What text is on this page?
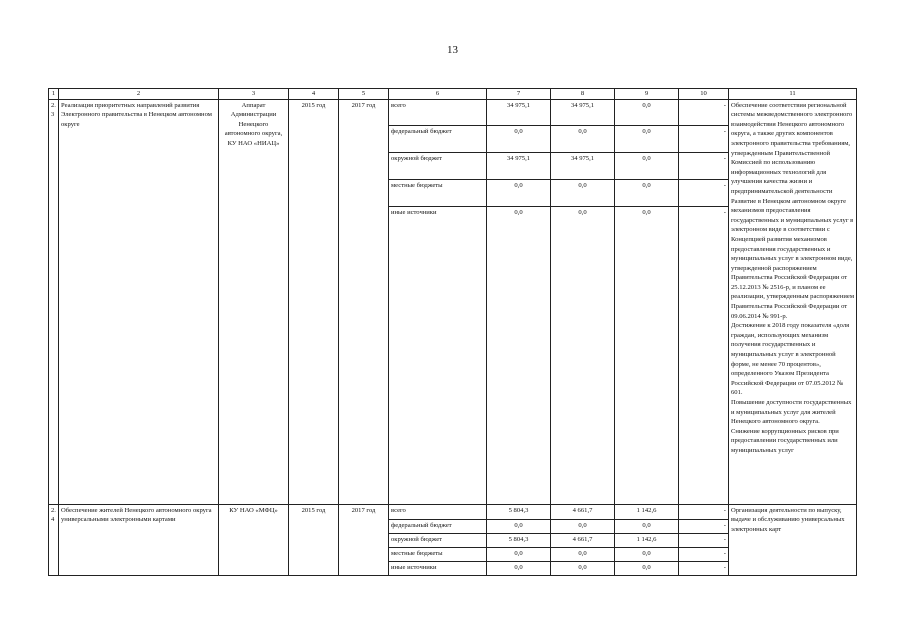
13
1	2	3	4	5	6	7	8	9	10	11
2.3	Реализация приоритетных направлений развития Электронного правительства в Ненецком автономном округе	Аппарат Администрации Ненецкого автономного округа, КУ НАО «НИАЦ»	2015 год	2017 год	всего	34 975,1	34 975,1	0,0	-	Обеспечение соответствия региональной системы межведомственного электронного взаимодействия Ненецкого автономного округа, а также других компонентов электронного правительства требованиям, утвержденным Правительственной Комиссией по использованию информационных технологий для улучшения качества жизни и предпринимательской деятельности
Развитие в Ненецком автономном округе механизмов предоставления государственных и муниципальных услуг в электронном виде в соответствии с Концепцией развития механизмов предоставления государственных и муниципальных услуг в электронном виде, утвержденной распоряжением Правительства Российской Федерации от 25.12.2013 № 2516-р, и планом ее реализации, утвержденным распоряжением Правительства Российской Федерации от 09.06.2014 № 991-р.
Достижение к 2018 году показателя «доля граждан, использующих механизм получения государственных и муниципальных услуг в электронной форме, не менее 70 процентов», определенного Указом Президента Российской Федерации от 07.05.2012 № 601.
Повышение доступности государственных и муниципальных услуг для жителей Ненецкого автономного округа.
Снижение коррупционных рисков при предоставлении государственных или муниципальных услуг

					федеральный бюджет	0,0	0,0	0,0	-	
					окружной бюджет	34 975,1	34 975,1	0,0	-	
					местные бюджеты	0,0	0,0	0,0	-	
					иные источники	0,0	0,0	0,0	-	
2.4	Обеспечение жителей Ненецкого автономного округа универсальными электронными картами	КУ НАО «МФЦ»	2015 год	2017 год	всего	5 804,3	4 661,7	1 142,6	-	Организация деятельности по выпуску, выдаче и обслуживанию универсальных электронных карт

					федеральный бюджет	0,0	0,0	0,0	-	
					окружной бюджет	5 804,3	4 661,7	1 142,6	-	
					местные бюджеты	0,0	0,0	0,0	-	
					иные источники	0,0	0,0	0,0	-	
